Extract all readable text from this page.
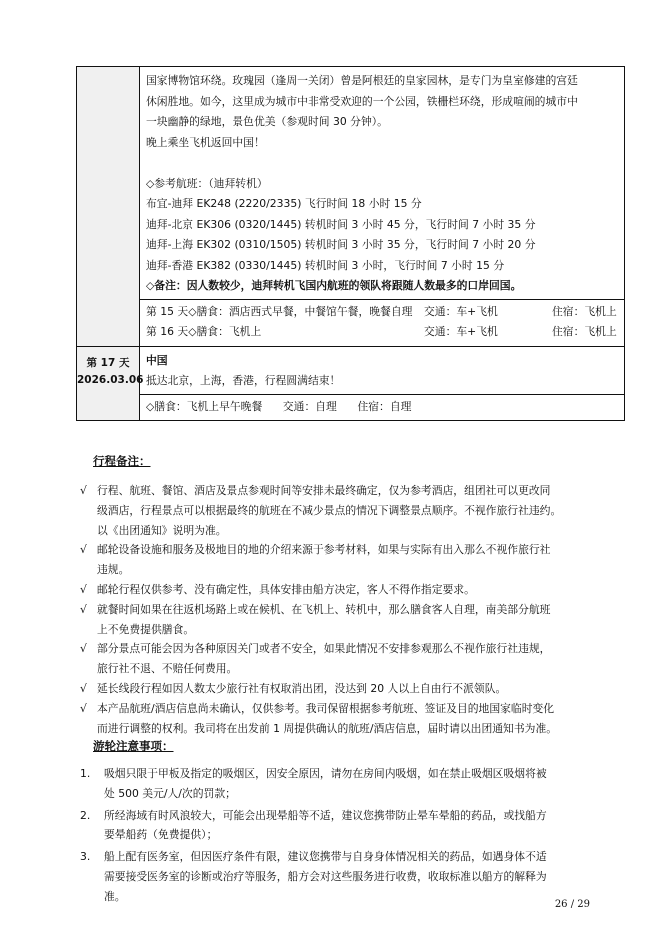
国家博物馆环绕。玫瑰园（逢周一关闭）曾是阿根廷的皇家园林，是专门为皇室修建的宫廷
休闲胜地。如今，这里成为城市中非常受欢迎的一个公园，铁栅栏环绕，形成喧闹的城市中
一块幽静的绿地，景色优美（参观时间 30 分钟）。
晚上乘坐飞机返回中国！
◇参考航班：（迪拜转机）
布宜-迪拜 EK248 (2220/2335) 飞行时间 18 小时 15 分
迪拜-北京 EK306 (0320/1445) 转机时间 3 小时 45 分，飞行时间 7 小时 35 分
迪拜-上海 EK302 (0310/1505) 转机时间 3 小时 35 分，飞行时间 7 小时 20 分
迪拜-香港 EK382 (0330/1445) 转机时间 3 小时，飞行时间 7 小时 15 分
◇备注：因人数较少，迪拜转机飞国内航班的领队将跟随人数最多的口岸回国。
第 15 天◇膳食：酒店西式早餐，中餐馆午餐，晚餐自理	交通：车+飞机	住宿：飞机上
第 16 天◇膳食：飞机上	交通：车+飞机	住宿：飞机上
第 17 天
2026.03.06
中国
抵达北京，上海，香港，行程圆满结束！
◇膳食：飞机上早午晚餐      交通：自理      住宿：自理
行程备注：
√ 行程、航班、餐馆、酒店及景点参观时间等安排未最终确定，仅为参考酒店，组团社可以更改同
级酒店，行程景点可以根据最终的航班在不减少景点的情况下调整景点顺序。不视作旅行社违约。
以《出团通知》说明为准。
√ 邮轮设备设施和服务及极地目的地的介绍来源于参考材料，如果与实际有出入那么不视作旅行社
违规。
√ 邮轮行程仅供参考、没有确定性，具体安排由船方决定，客人不得作指定要求。
√ 就餐时间如果在往返机场路上或在候机、在飞机上、转机中，那么膳食客人自理，南美部分航班
上不免费提供膳食。
√ 部分景点可能会因为各种原因关门或者不安全，如果此情况不安排参观那么不视作旅行社违规，
旅行社不退、不赔任何费用。
√ 延长线段行程如因人数太少旅行社有权取消出团，没达到 20 人以上自由行不派领队。
√ 本产品航班/酒店信息尚未确认，仅供参考。我司保留根据参考航班、签证及目的地国家临时变化
而进行调整的权利。我司将在出发前 1 周提供确认的航班/酒店信息，届时请以出团通知书为准。
游轮注意事项：
1.	吸烟只限于甲板及指定的吸烟区，因安全原因，请勿在房间内吸烟，如在禁止吸烟区吸烟将被
处 500 美元/人/次的罚款；
2.	所经海域有时风浪较大，可能会出现晕船等不适，建议您携带防止晕车晕船的药品，或找船方
要晕船药（免费提供）；
3.	船上配有医务室，但因医疗条件有限，建议您携带与自身身体情况相关的药品，如遇身体不适
需要接受医务室的诊断或治疗等服务，船方会对这些服务进行收费，收取标准以船方的解释为
准。
26 / 29
